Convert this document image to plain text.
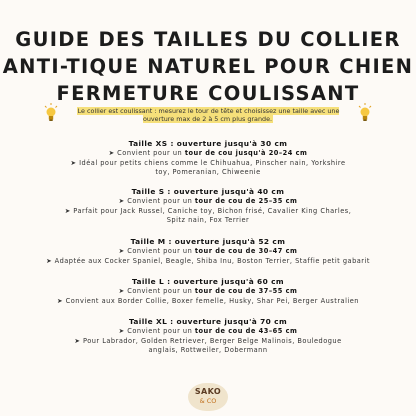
GUIDE DES TAILLES DU COLLIER
ANTI-TIQUE NATUREL POUR CHIEN
FERMETURE COULISSANT
Le collier est coulissant : mesurez le tour de tête et choisissez une taille avec une ouverture max de 2 à 5 cm plus grande.
Taille XS : ouverture jusqu'à 30 cm
➤ Convient pour un tour de cou jusqu'à 20–24 cm
➤ Idéal pour petits chiens comme le Chihuahua, Pinscher nain, Yorkshire toy, Pomeranian, Chiweenie
Taille S : ouverture jusqu'à 40 cm
➤ Convient pour un tour de cou de 25–35 cm
➤ Parfait pour Jack Russel, Caniche toy, Bichon frisé, Cavalier King Charles, Spitz nain, Fox Terrier
Taille M : ouverture jusqu'à 52 cm
➤ Convient pour un tour de cou de 30–47 cm
➤ Adaptée aux Cocker Spaniel, Beagle, Shiba Inu, Boston Terrier, Staffie petit gabarit
Taille L : ouverture jusqu'à 60 cm
➤ Convient pour un tour de cou de 37–55 cm
➤ Convient aux Border Collie, Boxer femelle, Husky, Shar Pei, Berger Australien
Taille XL : ouverture jusqu'à 70 cm
➤ Convient pour un tour de cou de 43–65 cm
➤ Pour Labrador, Golden Retriever, Berger Belge Malinois, Bouledogue anglais, Rottweiler, Dobermann
SAKO
& CO
